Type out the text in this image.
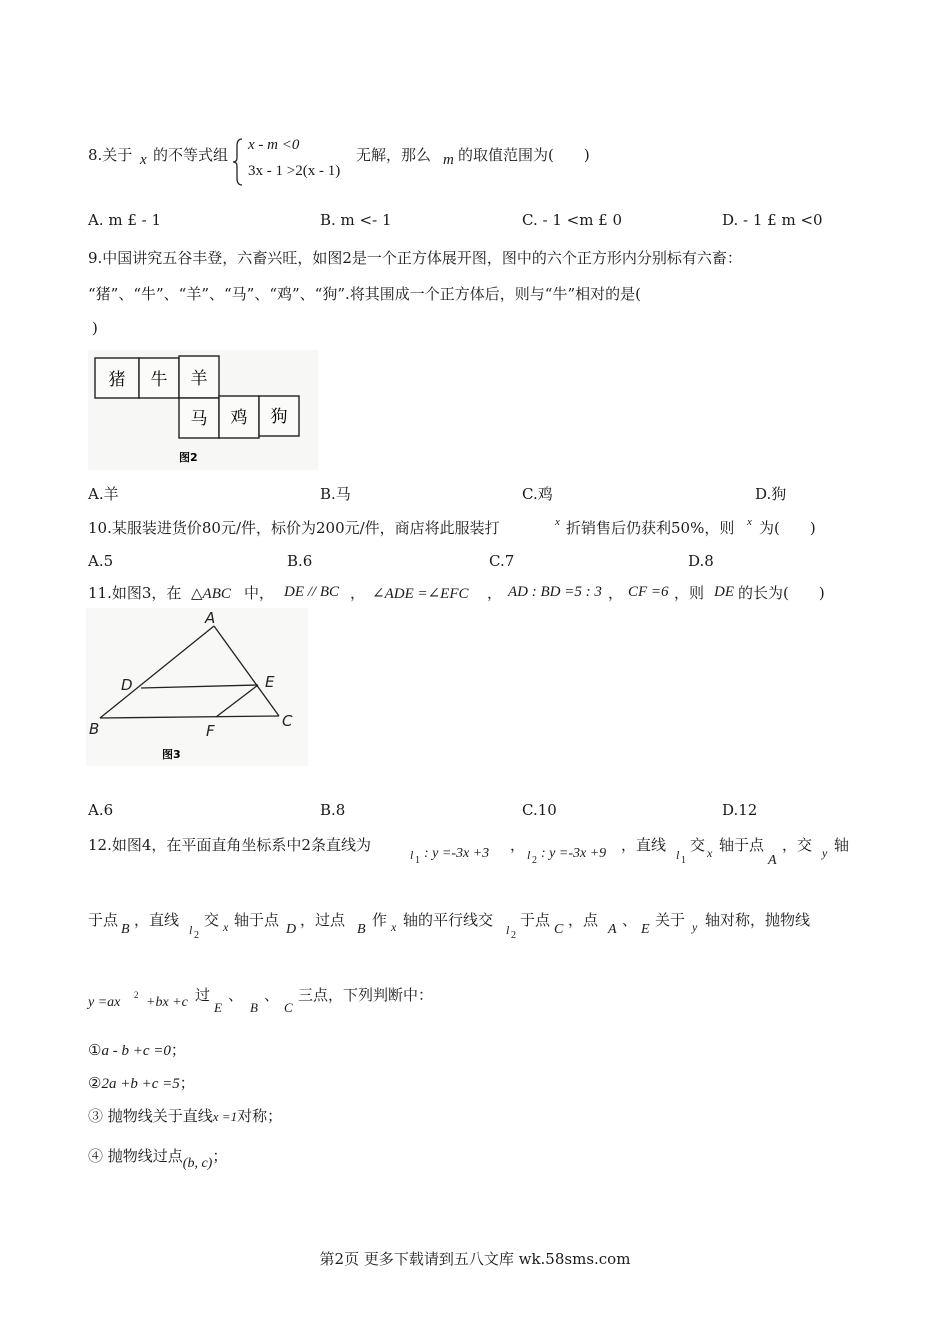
8.关于 x 的不等式组
x - m <0
3x - 1 >2(x - 1)
无解，那么 m 的取值范围为(　　)
A. m £ - 1	B. m <- 1	C. - 1 <m £ 0	D. - 1 £ m <0
9.中国讲究五谷丰登，六畜兴旺，如图2是一个正方体展开图，图中的六个正方形内分别标有六畜：
“猪”、“牛”、“羊”、“马”、“鸡”、“狗”.将其围成一个正方体后，则与“牛”相对的是(
)
猪 牛 羊
马 鸡 狗
图2
A.羊	B.马	C.鸡	D.狗
10.某服装进货价80元/件，标价为200元/件，商店将此服装打	x 折销售后仍获利50%，则 x 为(　　)
A.5	B.6	C.7	D.8
11.如图3，在 △ABC 中， DE // BC ， ∠ADE =∠EFC ， AD : BD =5 : 3 ， CF =6 ，则 DE 的长为(　　)
A
D	E
B	F
C
图3
A.6	B.8	C.10	D.12
12.如图4，在平面直角坐标系中2条直线为
l 1 : y =-3x +3 ，
l 2 : y =-3x +9 ，直线
l 1
交 x 轴于点
A
，交 y 轴
于点
B
，直线
l 2
交 x 轴于点
D
，过点
B
作 x 轴的平行线交
l 2
于点
C
，点
A
、
E
关于 y 轴对称，抛物线
y =ax 2 +bx +c 过
E
、
B
、
C
三点，下列判断中：
①a - b +c =0；
②2a +b +c =5；
③ 抛物线关于直线x =1对称；
④ 抛物线过点(b, c)；
第2页 更多下载请到五八文库 wk.58sms.com
